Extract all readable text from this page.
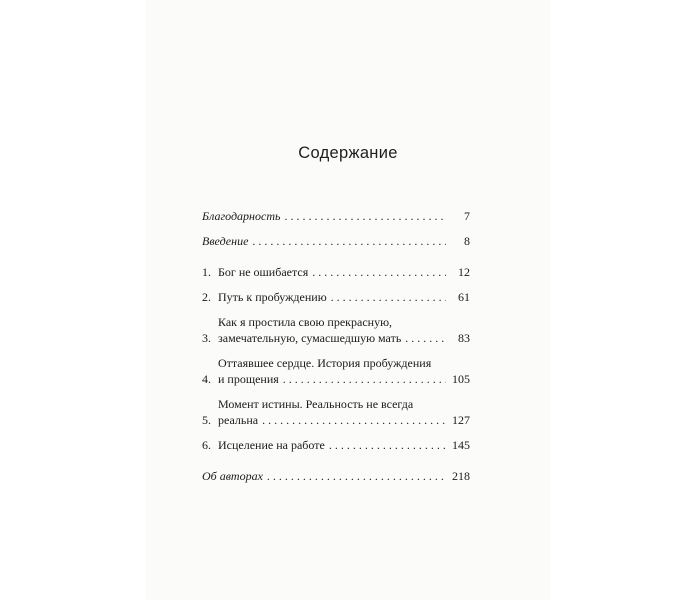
Содержание
Благодарность . . .	7
Введение . . .	8
1. Бог не ошибается . . .	12
2. Путь к пробуждению . . .	61
3.
Как я простила свою прекрасную,
замечательную, сумасшедшую мать . . .	83
4.
Оттаявшее сердце. История пробуждения
и прощения . . .	105
5.
Момент истины. Реальность не всегда
реальна . . .	127
6. Исцеление на работе . . .	145
Об авторах . . .	218
